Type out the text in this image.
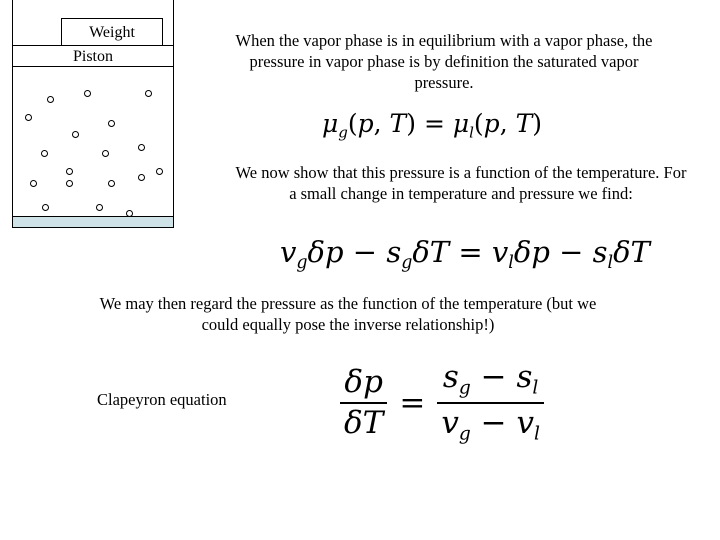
Weight
Piston
When the vapor phase is in equilibrium with a vapor phase, the pressure in vapor phase is by definition the saturated vapor pressure.
$\mu_g(p$, $T) = \mu_l(p$, T)
We now show that this pressure is a function of the temperature. For a small change in temperature and pressure we find:
$v_g\delta p - s_g\delta T = v_l\delta p - s_l\delta T$
We may then regard the pressure as the function of the temperature (but we could equally pose the inverse relationship!)
Clapeyron equation	$\frac{\delta p}{\delta T} = \frac{s_g - s_l}{v_g - v_l}$
